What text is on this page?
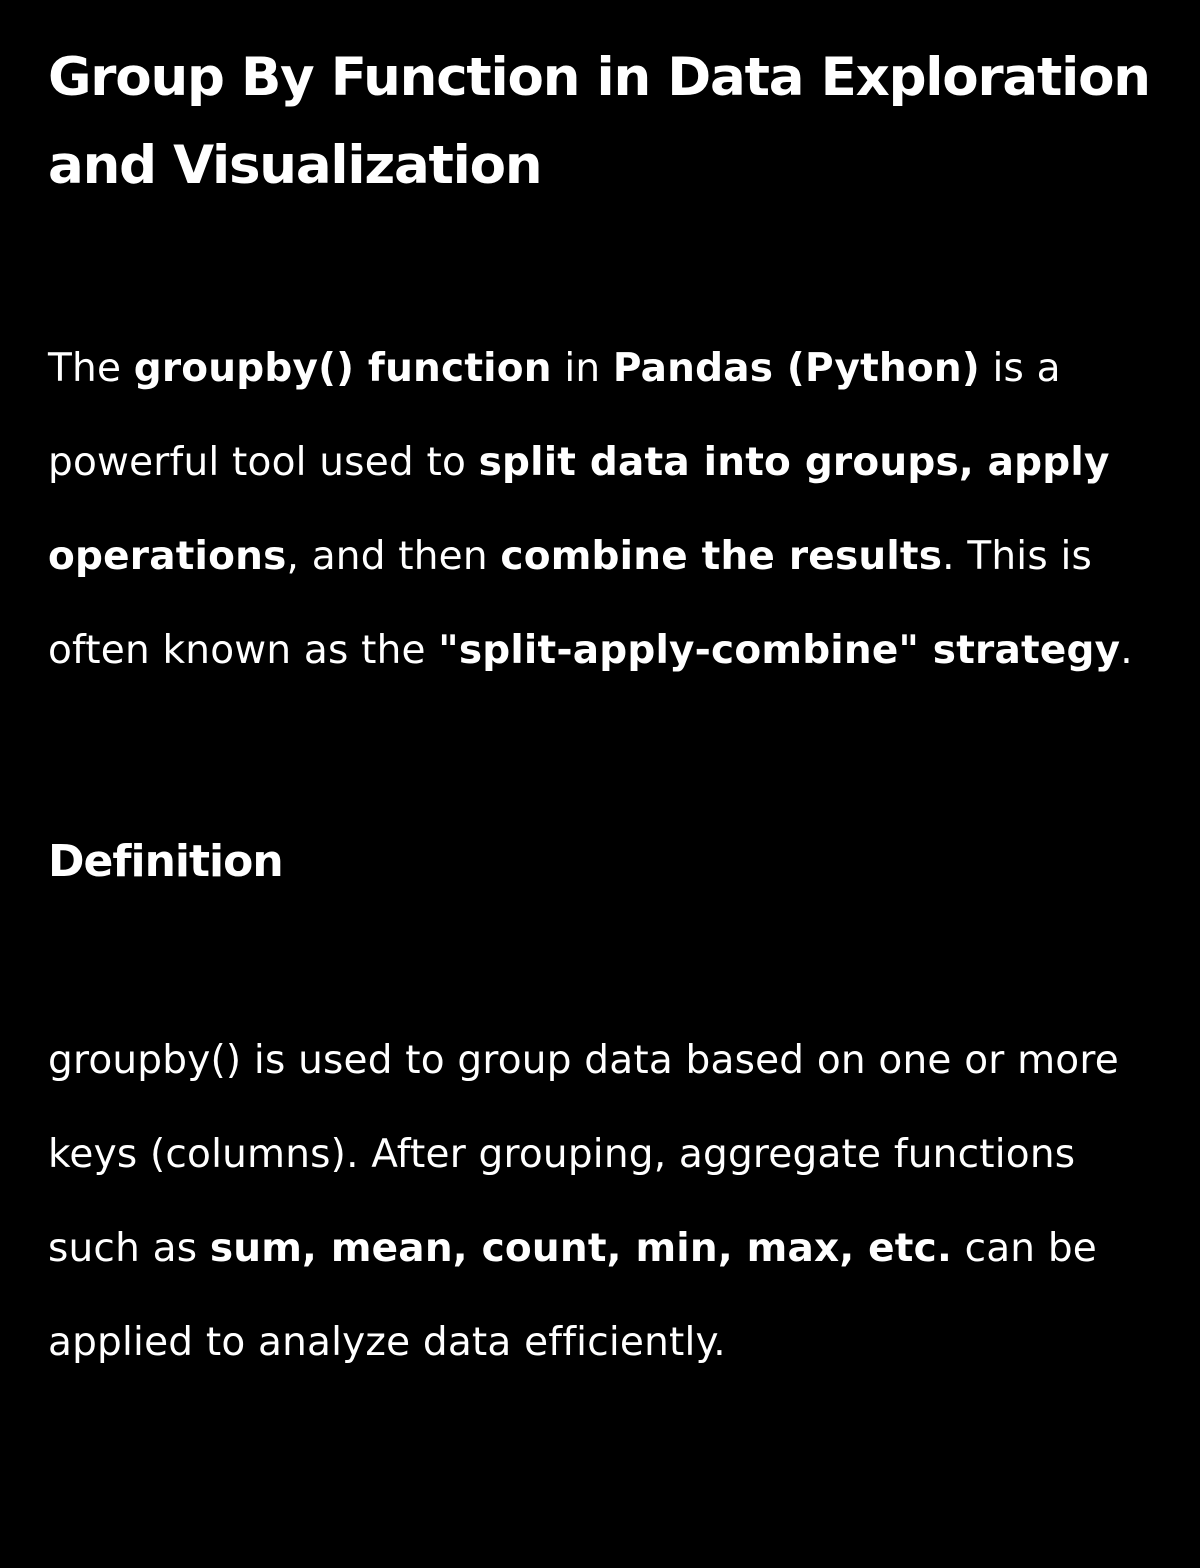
Group By Function in Data Exploration and Visualization

The groupby() function in Pandas (Python) is a powerful tool used to split data into groups, apply operations, and then combine the results. This is often known as the "split-apply-combine" strategy.

Definition

groupby() is used to group data based on one or more keys (columns). After grouping, aggregate functions such as sum, mean, count, min, max, etc. can be applied to analyze data efficiently.
